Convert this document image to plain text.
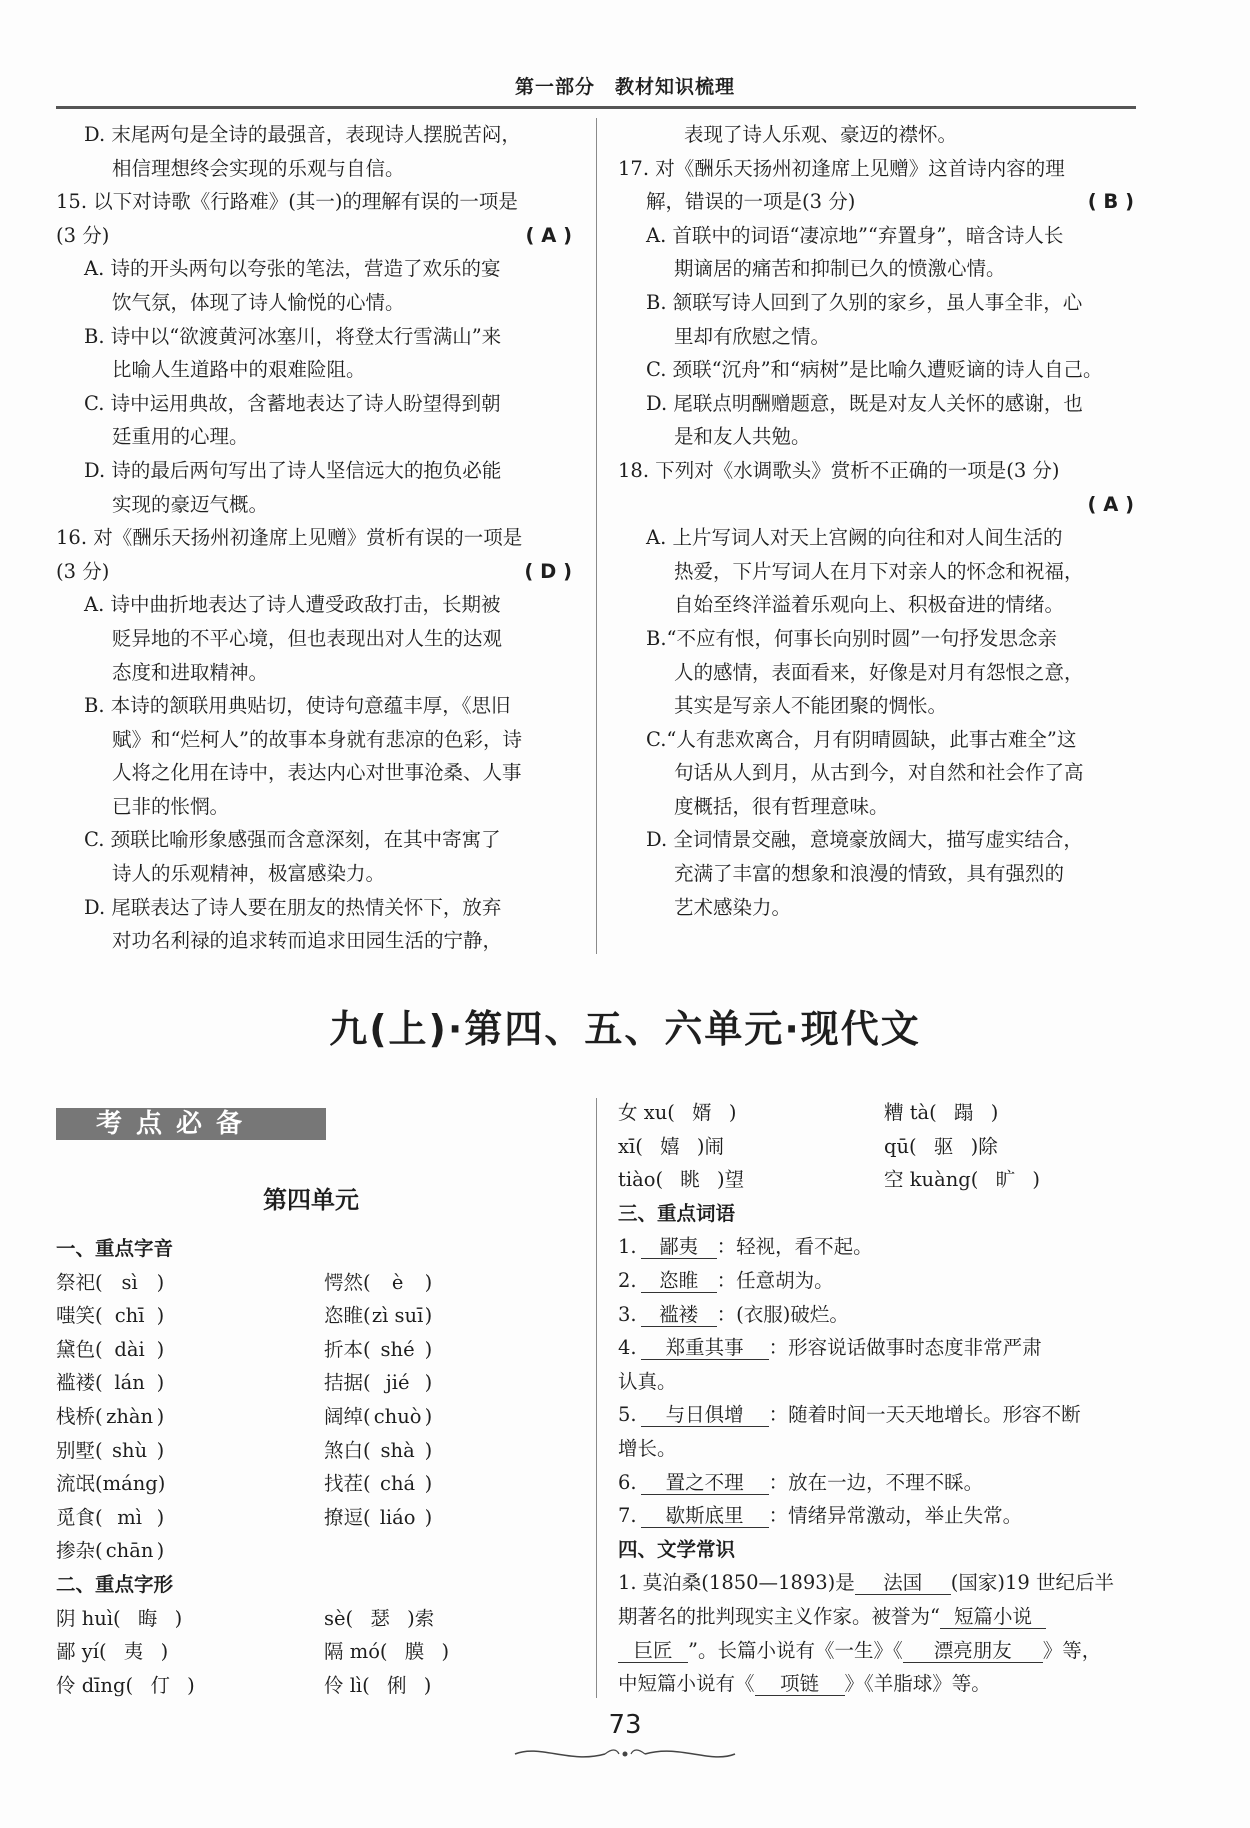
第一部分　教材知识梳理

D. 末尾两句是全诗的最强音，表现诗人摆脱苦闷，
相信理想终会实现的乐观与自信。

15. 以下对诗歌《行路难》(其一)的理解有误的一项是

(3 分)	( A )

A. 诗的开头两句以夸张的笔法，营造了欢乐的宴
饮气氛，体现了诗人愉悦的心情。

B. 诗中以“欲渡黄河冰塞川，将登太行雪满山”来
比喻人生道路中的艰难险阻。

C. 诗中运用典故，含蓄地表达了诗人盼望得到朝
廷重用的心理。

D. 诗的最后两句写出了诗人坚信远大的抱负必能
实现的豪迈气概。

16. 对《酬乐天扬州初逢席上见赠》赏析有误的一项是

(3 分)	( D )

A. 诗中曲折地表达了诗人遭受政敌打击，长期被
贬异地的不平心境，但也表现出对人生的达观
态度和进取精神。

B. 本诗的颔联用典贴切，使诗句意蕴丰厚，《思旧
赋》和“烂柯人”的故事本身就有悲凉的色彩，诗
人将之化用在诗中，表达内心对世事沧桑、人事
已非的怅惘。

C. 颈联比喻形象感强而含意深刻，在其中寄寓了
诗人的乐观精神，极富感染力。

D. 尾联表达了诗人要在朋友的热情关怀下，放弃
对功名利禄的追求转而追求田园生活的宁静，

表现了诗人乐观、豪迈的襟怀。

17. 对《酬乐天扬州初逢席上见赠》这首诗内容的理

解，错误的一项是(3 分)	( B )

A. 首联中的词语“凄凉地”“弃置身”，暗含诗人长
期谪居的痛苦和抑制已久的愤激心情。

B. 颔联写诗人回到了久别的家乡，虽人事全非，心
里却有欣慰之情。

C. 颈联“沉舟”和“病树”是比喻久遭贬谪的诗人自己。

D. 尾联点明酬赠题意，既是对友人关怀的感谢，也
是和友人共勉。

18. 下列对《水调歌头》赏析不正确的一项是(3 分)

( A )

A. 上片写词人对天上宫阙的向往和对人间生活的
热爱，下片写词人在月下对亲人的怀念和祝福，
自始至终洋溢着乐观向上、积极奋进的情绪。

B.“不应有恨，何事长向别时圆”一句抒发思念亲
人的感情，表面看来，好像是对月有怨恨之意，
其实是写亲人不能团聚的惆怅。

C.“人有悲欢离合，月有阴晴圆缺，此事古难全”这
句话从人到月，从古到今，对自然和社会作了高
度概括，很有哲理意味。

D. 全词情景交融，意境豪放阔大，描写虚实结合，
充满了丰富的想象和浪漫的情致，具有强烈的
艺术感染力。

九(上)·第四、五、六单元·现代文
考点必备
第四单元
一、重点字音
祭祀( sì )	愕然( è )
嗤笑( chī )	恣睢(zì suī)
黛色( dài )	折本( shé )
褴褛( lán )	拮据( jié )
栈桥( zhàn )	阔绰( chuò )
别墅( shù )	煞白( shà )
流氓(máng)	找茬( chá )
觅食( mì )	撩逗( liáo )
掺杂( chān )
二、重点字形
阴 huì( 晦 )	sè( 瑟 )索
鄙 yí( 夷 )	隔 mó( 膜 )
伶 dīng( 仃 )	伶 lì( 俐 )
女 xu( 婿 )	糟 tà( 蹋 )
xī( 嬉 )闹	qū( 驱 )除
tiào( 眺 )望	空 kuàng( 旷 )
三、重点词语
1. 鄙夷 ：轻视，看不起。
2. 恣睢 ：任意胡为。
3. 褴褛 ：(衣服)破烂。
4. 郑重其事 ：形容说话做事时态度非常严肃
认真。
5. 与日俱增 ：随着时间一天天地增长。形容不断
增长。
6. 置之不理 ：放在一边，不理不睬。
7. 歇斯底里 ：情绪异常激动，举止失常。
四、文学常识
1. 莫泊桑(1850—1893)是 法国 (国家)19 世纪后半
期著名的批判现实主义作家。被誉为“ 短篇小说
巨匠 ”。长篇小说有《一生》《 漂亮朋友 》等，
中短篇小说有《 项链 》《羊脂球》等。
73
